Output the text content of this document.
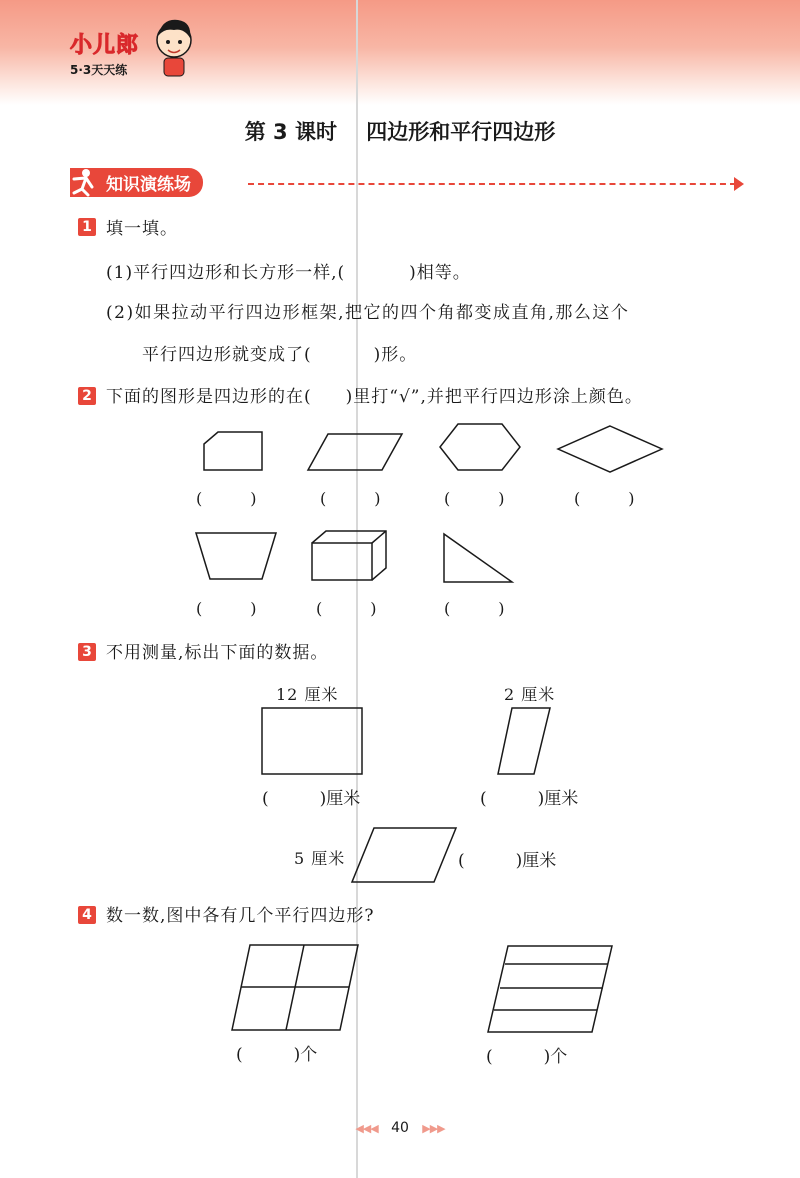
小儿郎
5·3天天练
第 3 课时 四边形和平行四边形
知识演练场
1 填一填。
(1)平行四边形和长方形一样,(	)相等。
(2)如果拉动平行四边形框架,把它的四个角都变成直角,那么这个
平行四边形就变成了(	)形。
2 下面的图形是四边形的在( )里打“√”,并把平行四边形涂上颜色。
(　　　)	(　　　)	(　　　)	(　　　)
(　　　)	(　　　)	(　　　)
3 不用测量,标出下面的数据。
12 厘米	2 厘米
(　　　)厘米	(　　　)厘米
5 厘米	(　　　)厘米
4 数一数,图中各有几个平行四边形?
(　　　)个	(　　　)个
◀◀◀ 40 ▶▶▶
